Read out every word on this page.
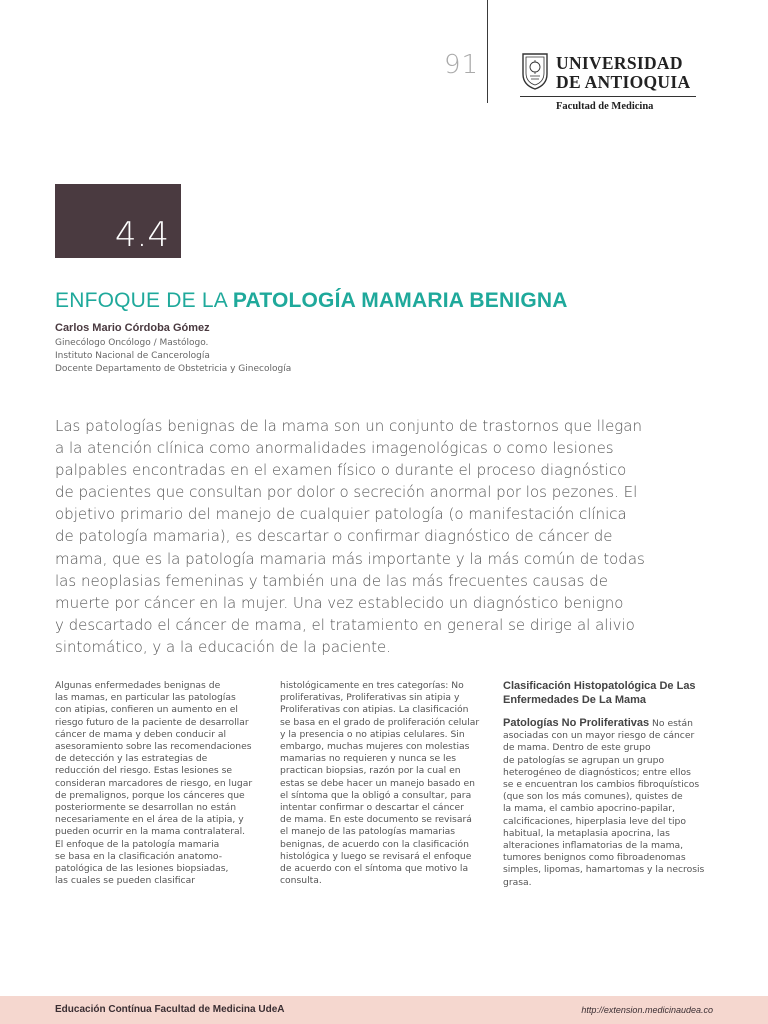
91	UNIVERSIDAD
DE ANTIOQUIA
Facultad de Medicina
4.4
ENFOQUE DE LA PATOLOGÍA MAMARIA BENIGNA
Carlos Mario Córdoba Gómez
Ginecólogo Oncólogo / Mastólogo.
Instituto Nacional de Cancerología
Docente Departamento de Obstetricia y Ginecología
Las patologías benignas de la mama son un conjunto de trastornos que llegan
a la atención clínica como anormalidades imagenológicas o como lesiones
palpables encontradas en el examen físico o durante el proceso diagnóstico
de pacientes que consultan por dolor o secreción anormal por los pezones. El
objetivo primario del manejo de cualquier patología (o manifestación clínica
de patología mamaria), es descartar o confirmar diagnóstico de cáncer de
mama, que es la patología mamaria más importante y la más común de todas
las neoplasias femeninas y también una de las más frecuentes causas de
muerte por cáncer en la mujer. Una vez establecido un diagnóstico benigno
y descartado el cáncer de mama, el tratamiento en general se dirige al alivio
sintomático, y a la educación de la paciente.
Algunas enfermedades benignas de
las mamas, en particular las patologías
con atipias, confieren un aumento en el
riesgo futuro de la paciente de desarrollar
cáncer de mama y deben conducir al
asesoramiento sobre las recomendaciones
de detección y las estrategias de
reducción del riesgo. Estas lesiones se
consideran marcadores de riesgo, en lugar
de premalignos, porque los cánceres que
posteriormente se desarrollan no están
necesariamente en el área de la atipia, y
pueden ocurrir en la mama contralateral.
El enfoque de la patología mamaria
se basa en la clasificación anatomo-
patológica de las lesiones biopsiadas,
las cuales se pueden clasificar
histológicamente en tres categorías: No
proliferativas, Proliferativas sin atipia y
Proliferativas con atipias. La clasificación
se basa en el grado de proliferación celular
y la presencia o no atipias celulares. Sin
embargo, muchas mujeres con molestias
mamarias no requieren y nunca se les
practican biopsias, razón por la cual en
estas se debe hacer un manejo basado en
el síntoma que la obligó a consultar, para
intentar confirmar o descartar el cáncer
de mama. En este documento se revisará
el manejo de las patologías mamarias
benignas, de acuerdo con la clasificación
histológica y luego se revisará el enfoque
de acuerdo con el síntoma que motivo la
consulta.
Clasificación Histopatológica De Las
Enfermedades De La Mama
Patologías No Proliferativas No están
asociadas con un mayor riesgo de cáncer
de mama. Dentro de este grupo
de patologías se agrupan un grupo
heterogéneo de diagnósticos; entre ellos
se e encuentran los cambios fibroquísticos
(que son los más comunes), quistes de
la mama, el cambio apocrino-papilar,
calcificaciones, hiperplasia leve del tipo
habitual, la metaplasia apocrina, las
alteraciones inflamatorias de la mama,
tumores benignos como fibroadenomas
simples, lipomas, hamartomas y la necrosis
grasa.
Educación Contínua Facultad de Medicina UdeA	http://extension.medicinaudea.co
